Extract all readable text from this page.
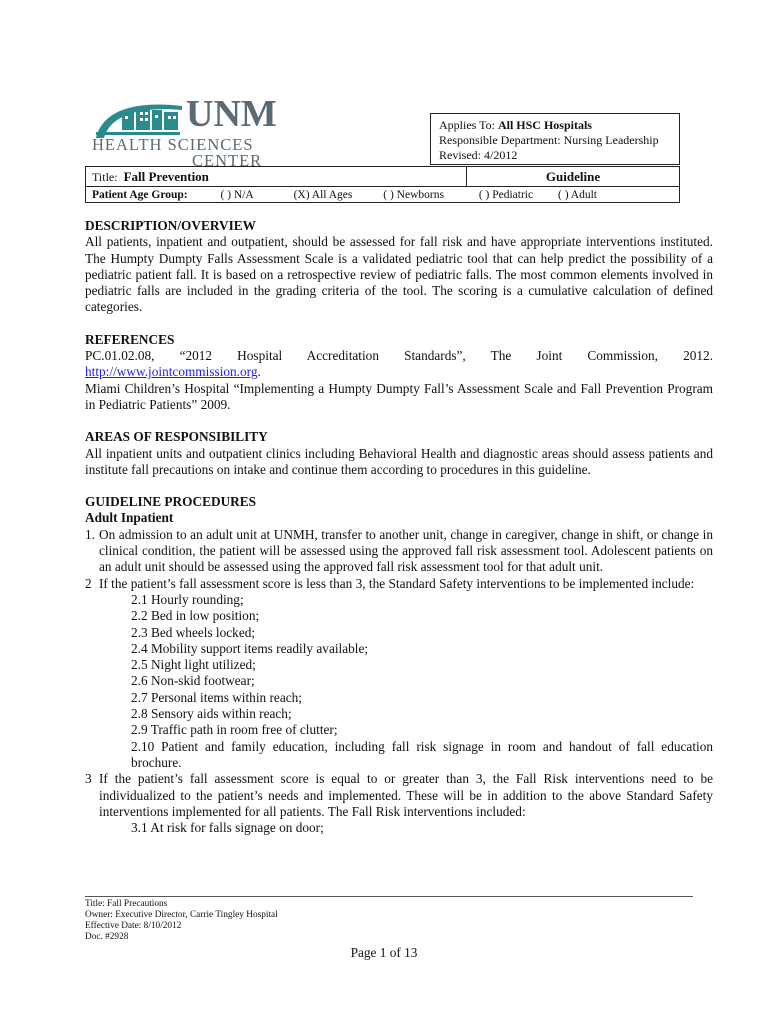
UNM
HEALTH SCIENCES
CENTER
Applies To: All HSC Hospitals
Responsible Department: Nursing Leadership
Revised: 4/2012
Title: Fall Prevention	Guideline
Patient Age Group:	( ) N/A	(X) All Ages	( ) Newborns	( ) Pediatric ( ) Adult

DESCRIPTION/OVERVIEW

All patients, inpatient and outpatient, should be assessed for fall risk and have appropriate interventions instituted. The Humpty Dumpty Falls Assessment Scale is a validated pediatric tool that can help predict the possibility of a pediatric patient fall. It is based on a retrospective review of pediatric falls. The most common elements involved in pediatric falls are included in the grading criteria of the tool. The scoring is a cumulative calculation of defined categories.

REFERENCES

PC.01.02.08, “2012 Hospital Accreditation Standards”, The Joint Commission, 2012.

http://www.jointcommission.org.

Miami Children’s Hospital “Implementing a Humpty Dumpty Fall’s Assessment Scale and Fall Prevention Program in Pediatric Patients” 2009.

AREAS OF RESPONSIBILITY

All inpatient units and outpatient clinics including Behavioral Health and diagnostic areas should assess patients and institute fall precautions on intake and continue them according to procedures in this guideline.

GUIDELINE PROCEDURES

Adult Inpatient

1. On admission to an adult unit at UNMH, transfer to another unit, change in caregiver, change in shift, or change in clinical condition, the patient will be assessed using the approved fall risk assessment tool. Adolescent patients on an adult unit should be assessed using the approved fall risk assessment tool for that adult unit.
2 If the patient’s fall assessment score is less than 3, the Standard Safety interventions to be implemented include:
2.1 Hourly rounding;
2.2 Bed in low position;
2.3 Bed wheels locked;
2.4 Mobility support items readily available;
2.5 Night light utilized;
2.6 Non-skid footwear;
2.7 Personal items within reach;
2.8 Sensory aids within reach;
2.9 Traffic path in room free of clutter;
2.10 Patient and family education, including fall risk signage in room and handout of fall education brochure.
3 If the patient’s fall assessment score is equal to or greater than 3, the Fall Risk interventions need to be individualized to the patient’s needs and implemented. These will be in addition to the above Standard Safety interventions implemented for all patients. The Fall Risk interventions included:
3.1 At risk for falls signage on door;
Title: Fall Precautions
Owner: Executive Director, Carrie Tingley Hospital
Effective Date: 8/10/2012
Doc. #2928
Page 1 of 13
